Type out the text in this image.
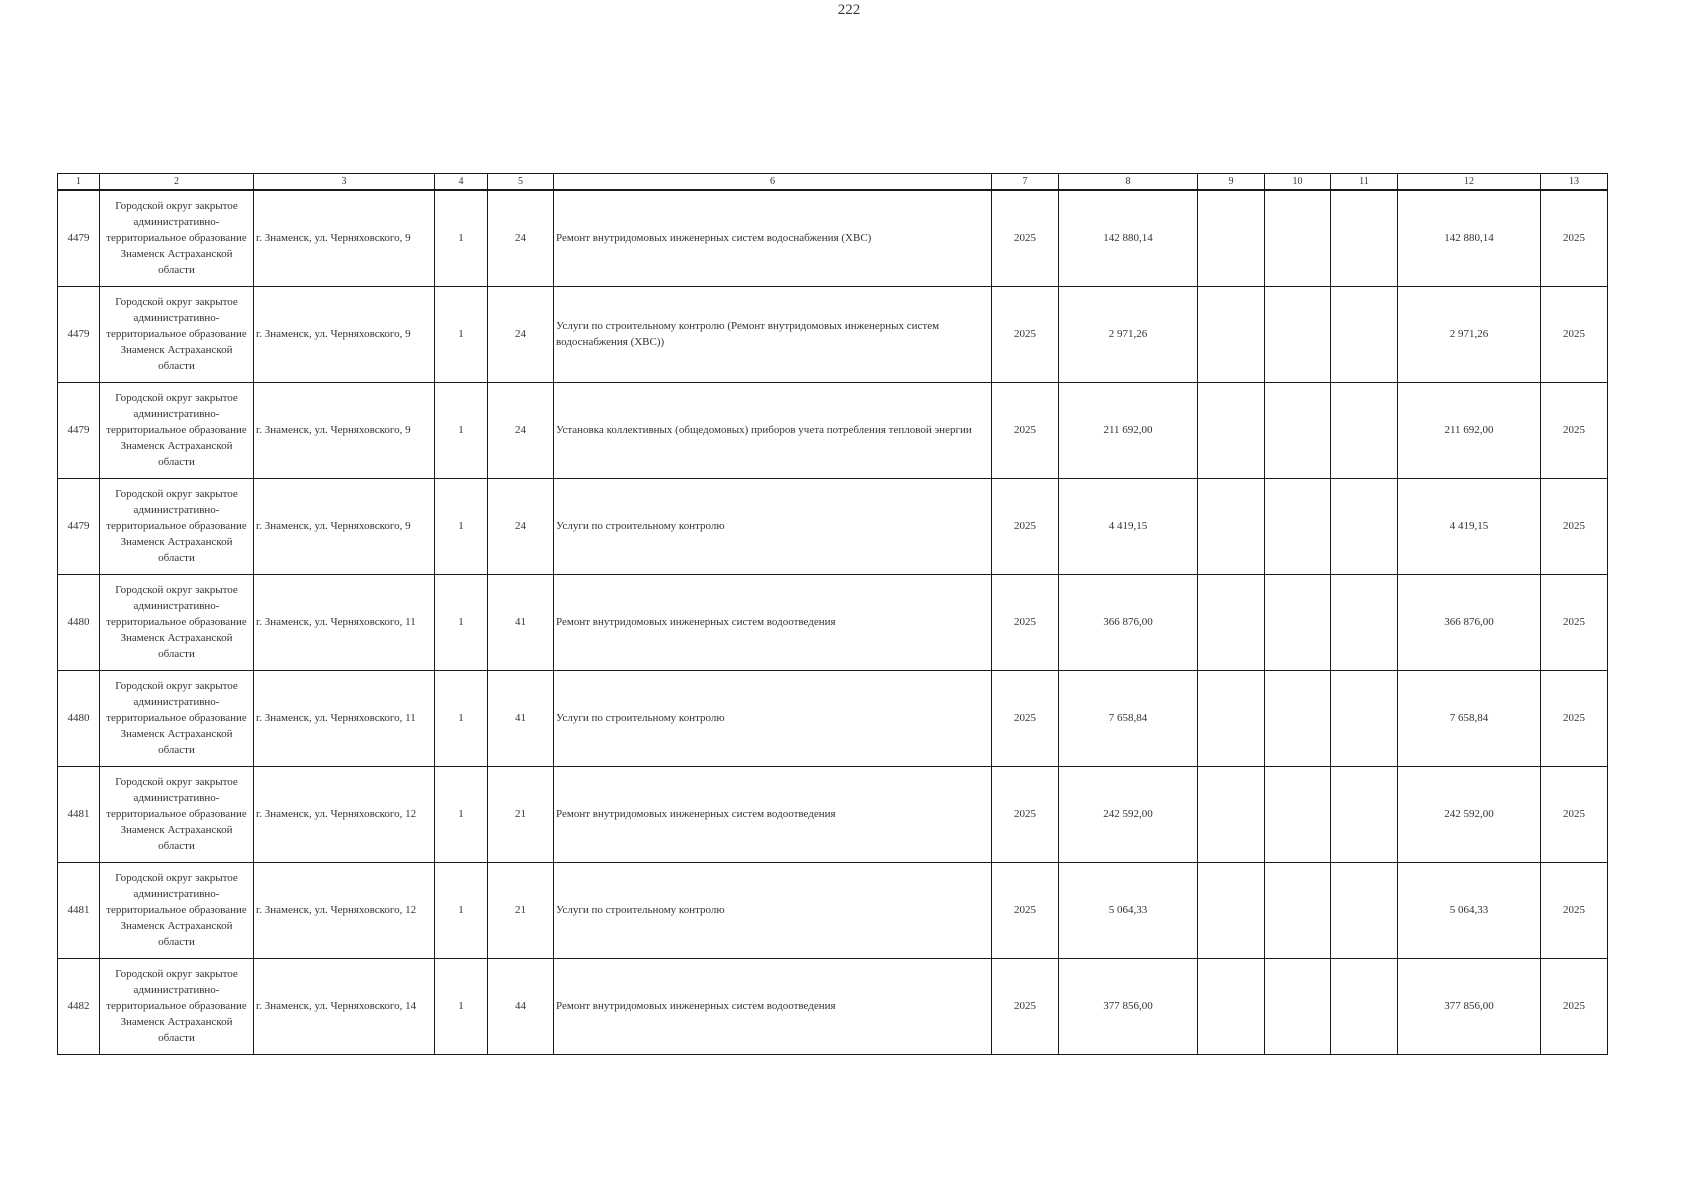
222
1	2	3	4	5	6	7	8	9	10	11	12	13
4479	Городской округ закрытое административно-территориальное образование Знаменск Астраханской области	г. Знаменск, ул. Черняховского, 9	1	24	Ремонт внутридомовых инженерных систем водоснабжения (ХВС)	2025	142 880,14				142 880,14	2025
4479	Городской округ закрытое административно-территориальное образование Знаменск Астраханской области	г. Знаменск, ул. Черняховского, 9	1	24	Услуги по строительному контролю (Ремонт внутридомовых инженерных систем водоснабжения (ХВС))	2025	2 971,26				2 971,26	2025
4479	Городской округ закрытое административно-территориальное образование Знаменск Астраханской области	г. Знаменск, ул. Черняховского, 9	1	24	Установка коллективных (общедомовых) приборов учета потребления тепловой энергии	2025	211 692,00				211 692,00	2025
4479	Городской округ закрытое административно-территориальное образование Знаменск Астраханской области	г. Знаменск, ул. Черняховского, 9	1	24	Услуги по строительному контролю	2025	4 419,15				4 419,15	2025
4480	Городской округ закрытое административно-территориальное образование Знаменск Астраханской области	г. Знаменск, ул. Черняховского, 11	1	41	Ремонт внутридомовых инженерных систем водоотведения	2025	366 876,00				366 876,00	2025
4480	Городской округ закрытое административно-территориальное образование Знаменск Астраханской области	г. Знаменск, ул. Черняховского, 11	1	41	Услуги по строительному контролю	2025	7 658,84				7 658,84	2025
4481	Городской округ закрытое административно-территориальное образование Знаменск Астраханской области	г. Знаменск, ул. Черняховского, 12	1	21	Ремонт внутридомовых инженерных систем водоотведения	2025	242 592,00				242 592,00	2025
4481	Городской округ закрытое административно-территориальное образование Знаменск Астраханской области	г. Знаменск, ул. Черняховского, 12	1	21	Услуги по строительному контролю	2025	5 064,33				5 064,33	2025
4482	Городской округ закрытое административно-территориальное образование Знаменск Астраханской области	г. Знаменск, ул. Черняховского, 14	1	44	Ремонт внутридомовых инженерных систем водоотведения	2025	377 856,00				377 856,00	2025
